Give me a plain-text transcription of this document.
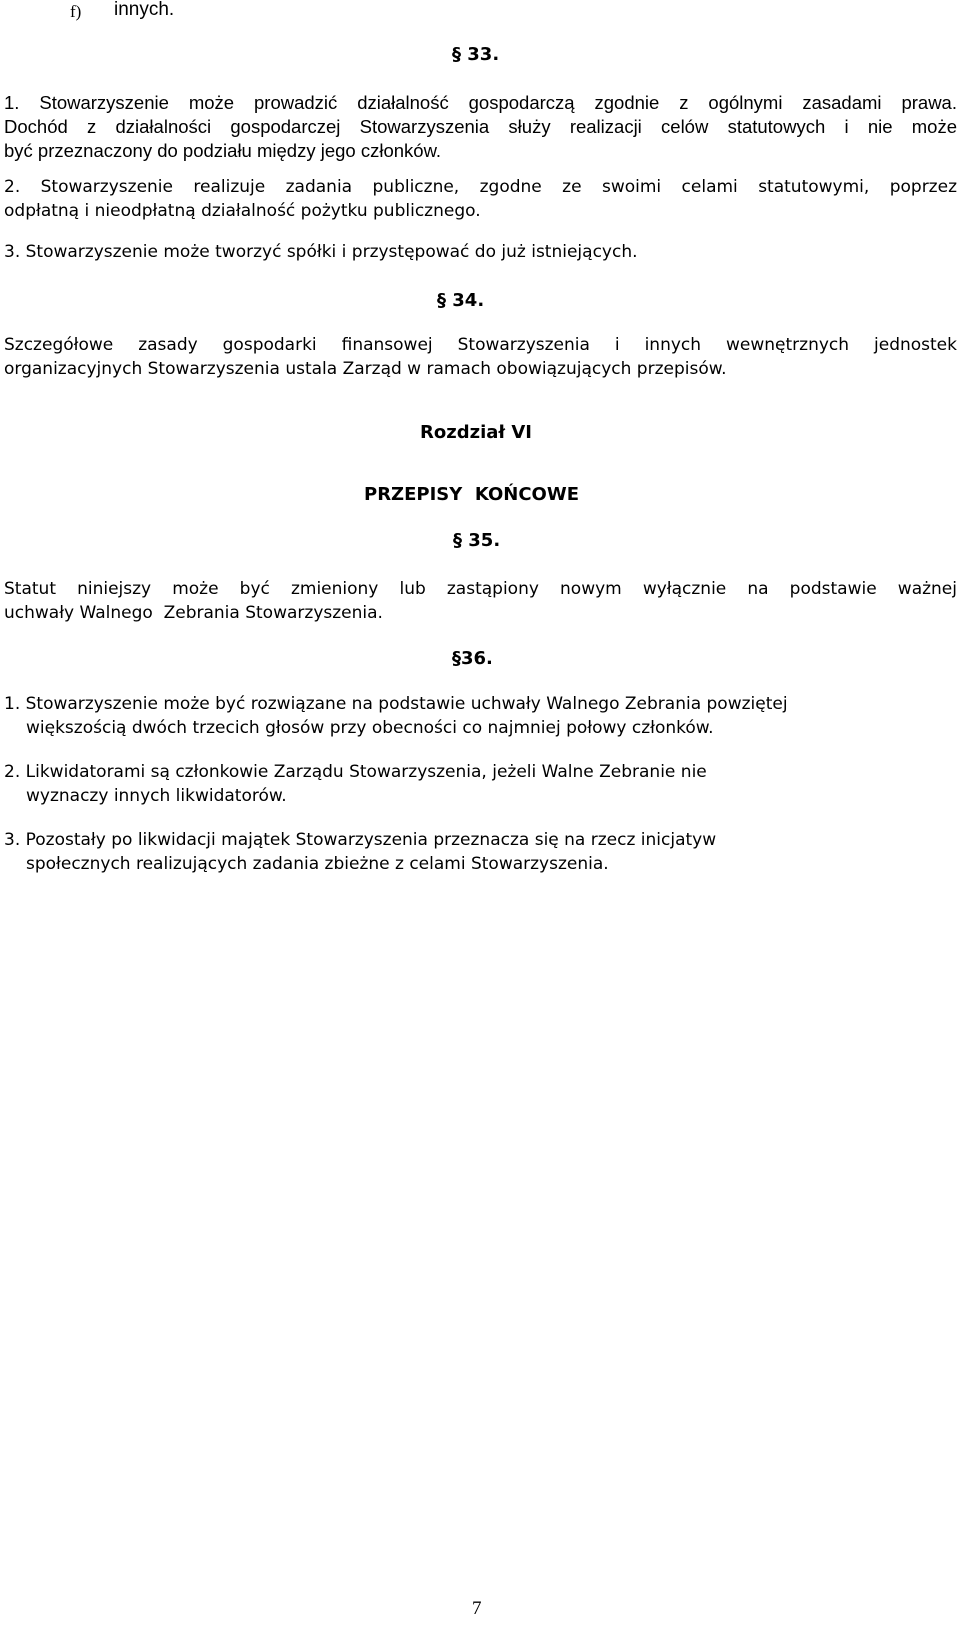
f) innych.
§ 33.
1. Stowarzyszenie może prowadzić działalność gospodarczą zgodnie z ogólnymi zasadami prawa.
Dochód z działalności gospodarczej Stowarzyszenia służy realizacji celów statutowych i nie może
być przeznaczony do podziału między jego członków.
2. Stowarzyszenie realizuje zadania publiczne, zgodne ze swoimi celami statutowymi, poprzez
odpłatną i nieodpłatną działalność pożytku publicznego.
3. Stowarzyszenie może tworzyć spółki i przystępować do już istniejących.
§ 34.
Szczegółowe zasady gospodarki finansowej Stowarzyszenia i innych wewnętrznych jednostek
organizacyjnych Stowarzyszenia ustala Zarząd w ramach obowiązujących przepisów.
Rozdział VI
PRZEPISY  KOŃCOWE
§ 35.
Statut niniejszy może być zmieniony lub zastąpiony nowym wyłącznie na podstawie ważnej
uchwały Walnego  Zebrania Stowarzyszenia.
§36.
1. Stowarzyszenie może być rozwiązane na podstawie uchwały Walnego Zebrania powziętej
większością dwóch trzecich głosów przy obecności co najmniej połowy członków.
2. Likwidatorami są członkowie Zarządu Stowarzyszenia, jeżeli Walne Zebranie nie
wyznaczy innych likwidatorów.
3. Pozostały po likwidacji majątek Stowarzyszenia przeznacza się na rzecz inicjatyw
społecznych realizujących zadania zbieżne z celami Stowarzyszenia.
7
